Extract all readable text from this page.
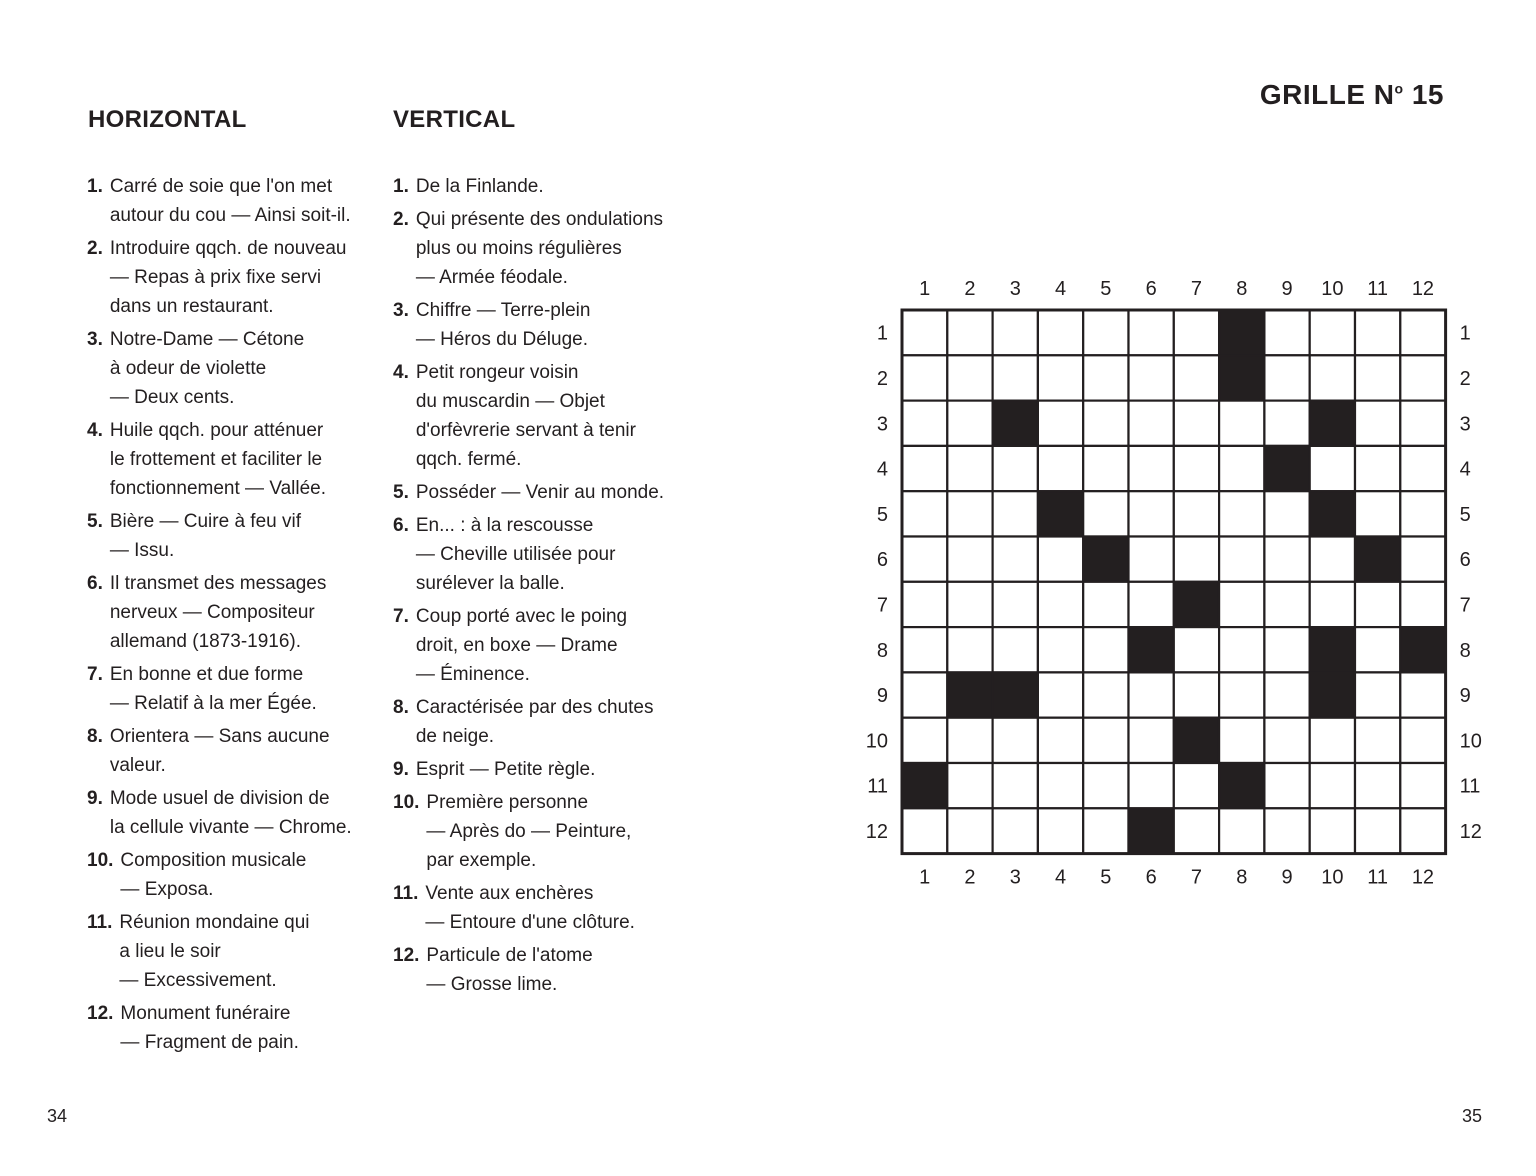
HORIZONTAL	VERTICAL
GRILLE $N^o$ 15
1. Carré de soie que l'on met
autour du cou — Ainsi soit-il.
2. Introduire qqch. de nouveau
— Repas à prix fixe servi
dans un restaurant.
3. Notre-Dame — Cétone
à odeur de violette
— Deux cents.
4. Huile qqch. pour atténuer
le frottement et faciliter le
fonctionnement — Vallée.
5. Bière — Cuire à feu vif
— Issu.
6. Il transmet des messages
nerveux — Compositeur
allemand (1873-1916).
7. En bonne et due forme
— Relatif à la mer Égée.
8. Orientera — Sans aucune
valeur.
9. Mode usuel de division de
la cellule vivante — Chrome.
10. Composition musicale
— Exposa.
11. Réunion mondaine qui
a lieu le soir
— Excessivement.
12. Monument funéraire
— Fragment de pain.
1. De la Finlande.
2. Qui présente des ondulations
plus ou moins régulières
— Armée féodale.
3. Chiffre — Terre-plein
— Héros du Déluge.
4. Petit rongeur voisin
du muscardin — Objet
d'orfèvrerie servant à tenir
qqch. fermé.
5. Posséder — Venir au monde.
6. En... : à la rescousse
— Cheville utilisée pour
surélever la balle.
7. Coup porté avec le poing
droit, en boxe — Drame
— Éminence.
8. Caractérisée par des chutes
de neige.
9. Esprit — Petite règle.
10. Première personne
— Après do — Peinture,
par exemple.
11. Vente aux enchères
— Entoure d'une clôture.
12. Particule de l'atome
— Grosse lime.
1
1
2
2
3
3
4
4
5
5
6
6
7
7
8
8
9
9
10
10
11
11
12
12
1	1
2	2
3	3
4	4
5	5
6	6
7	7
8	8
9	9
10	10
11	11
12	12
34	35
